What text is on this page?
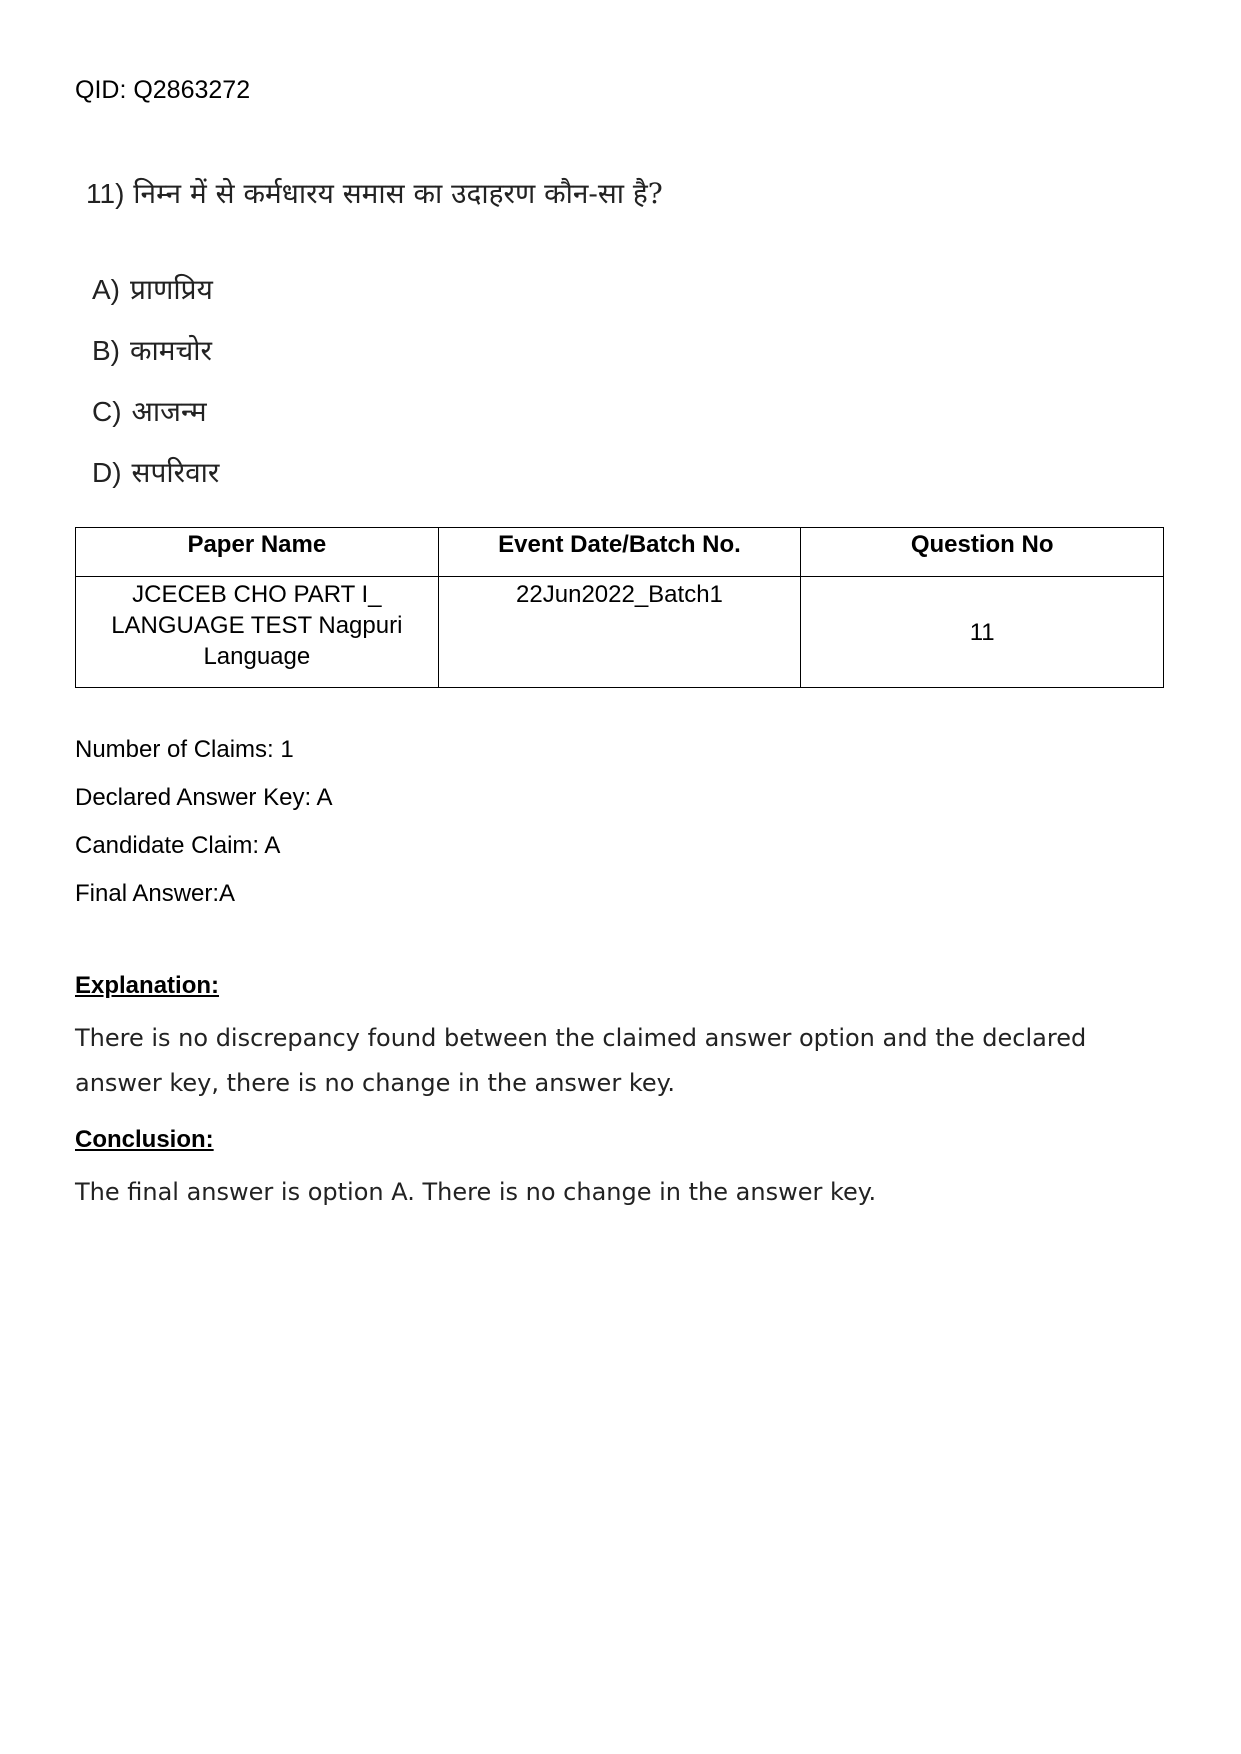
QID: Q2863272
11) निम्न में से कर्मधारय समास का उदाहरण कौन-सा है?
A) प्राणप्रिय
B) कामचोर
C) आजन्म
D) सपरिवार
Paper Name	Event Date/Batch No.	Question No
JCECEB CHO PART I_ LANGUAGE TEST Nagpuri Language	22Jun2022_Batch1	11
Number of Claims: 1
Declared Answer Key: A
Candidate Claim: A
Final Answer:A
Explanation:
There is no discrepancy found between the claimed answer option and the declared answer key, there is no change in the answer key.
Conclusion:
The final answer is option A. There is no change in the answer key.
